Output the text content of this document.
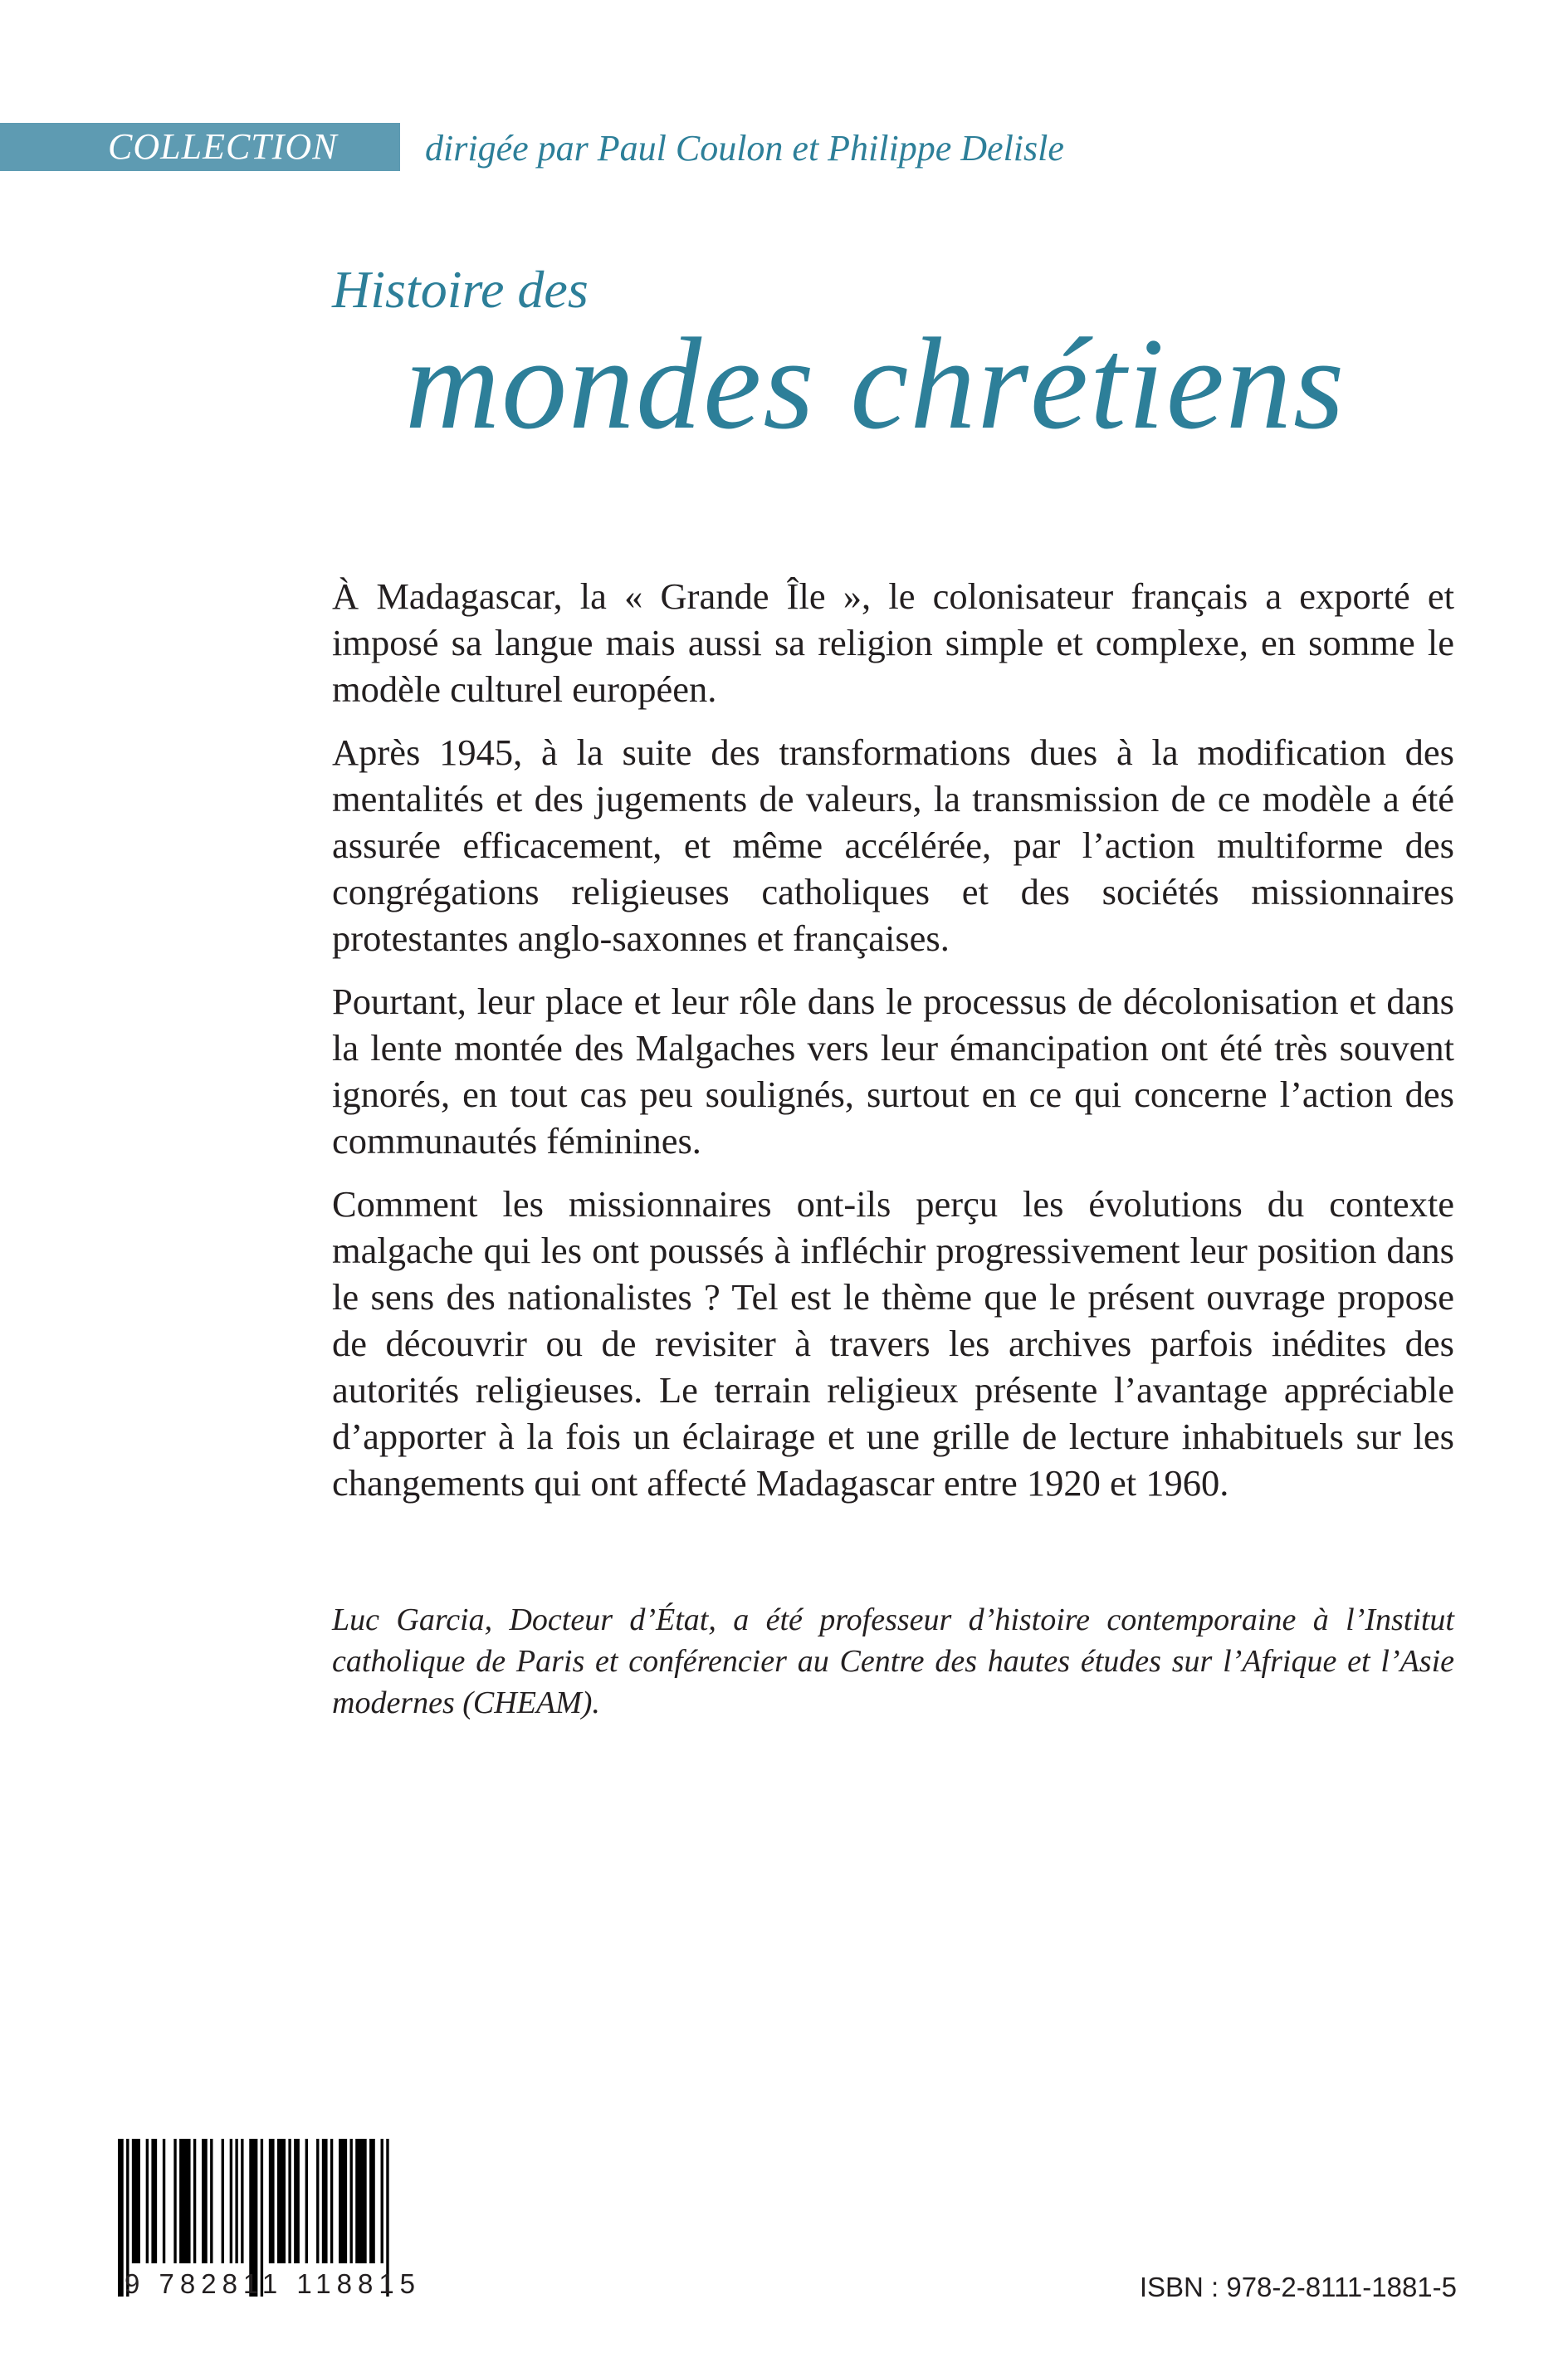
COLLECTION dirigée par Paul Coulon et Philippe Delisle
Histoire des
mondes chrétiens

À Madagascar, la « Grande Île », le colonisateur français a exporté et imposé sa langue mais aussi sa religion simple et complexe, en somme le modèle culturel européen.

Après 1945, à la suite des transformations dues à la modification des mentalités et des jugements de valeurs, la transmission de ce modèle a été assurée efficacement, et même accélérée, par l’action multiforme des congrégations religieuses catholiques et des sociétés missionnaires protestantes anglo-saxonnes et françaises.

Pourtant, leur place et leur rôle dans le processus de décolonisation et dans la lente montée des Malgaches vers leur émancipation ont été très souvent ignorés, en tout cas peu soulignés, surtout en ce qui concerne l’action des communautés féminines.

Comment les missionnaires ont-ils perçu les évolutions du contexte malgache qui les ont poussés à infléchir progressivement leur position dans le sens des nationalistes ? Tel est le thème que le présent ouvrage propose de découvrir ou de revisiter à travers les archives parfois inédites des autorités religieuses. Le terrain religieux présente l’avantage appréciable d’apporter à la fois un éclairage et une grille de lecture inhabituels sur les changements qui ont affecté Madagascar entre 1920 et 1960.

Luc Garcia, Docteur d’État, a été professeur d’histoire contemporaine à l’Institut catholique de Paris et conférencier au Centre des hautes études sur l’Afrique et l’Asie modernes (CHEAM).
9 782811 118815	ISBN : 978-2-8111-1881-5
